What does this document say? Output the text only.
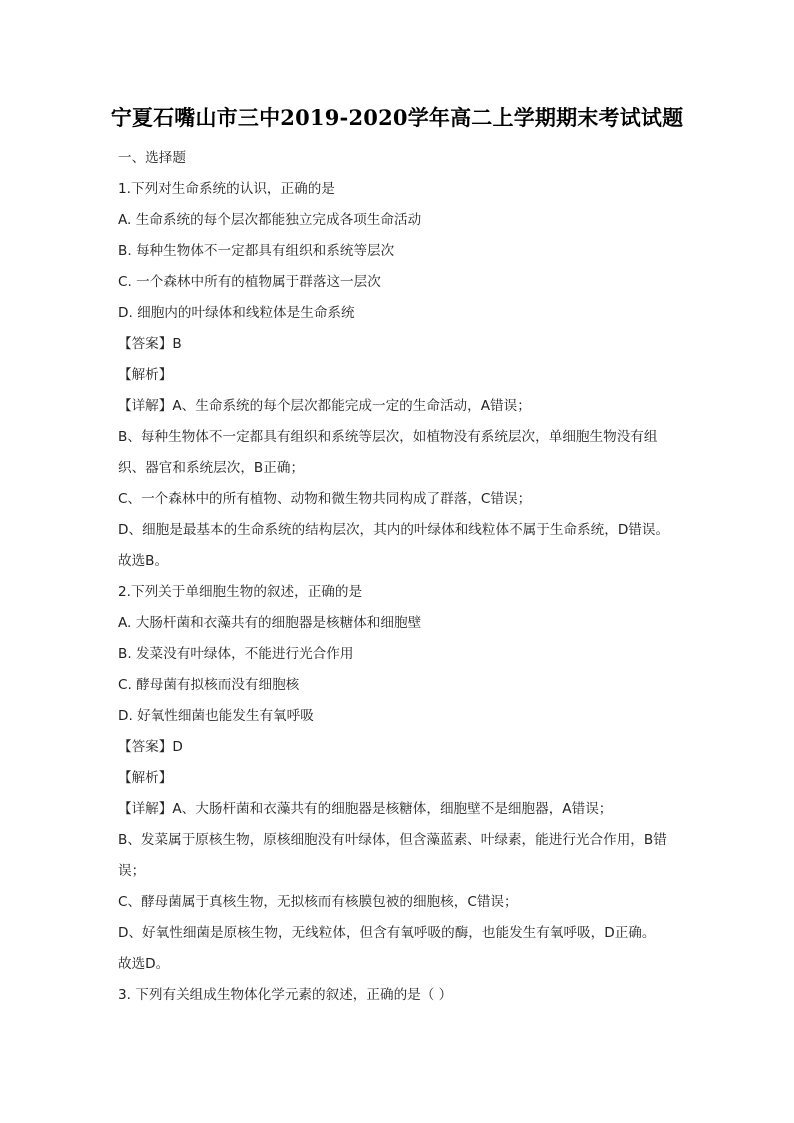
宁夏石嘴山市三中2019-2020学年高二上学期期末考试试题
一、选择题
1.下列对生命系统的认识，正确的是
A. 生命系统的每个层次都能独立完成各项生命活动
B. 每种生物体不一定都具有组织和系统等层次
C. 一个森林中所有的植物属于群落这一层次
D. 细胞内的叶绿体和线粒体是生命系统
【答案】B
【解析】
【详解】A、生命系统的每个层次都能完成一定的生命活动，A错误；
B、每种生物体不一定都具有组织和系统等层次，如植物没有系统层次，单细胞生物没有组织、器官和系统层次，B正确；
C、一个森林中的所有植物、动物和微生物共同构成了群落，C错误；
D、细胞是最基本的生命系统的结构层次，其内的叶绿体和线粒体不属于生命系统，D错误。
故选B。
2.下列关于单细胞生物的叙述，正确的是
A. 大肠杆菌和衣藻共有的细胞器是核糖体和细胞壁
B. 发菜没有叶绿体，不能进行光合作用
C. 酵母菌有拟核而没有细胞核
D. 好氧性细菌也能发生有氧呼吸
【答案】D
【解析】
【详解】A、大肠杆菌和衣藻共有的细胞器是核糖体，细胞壁不是细胞器，A错误；
B、发菜属于原核生物，原核细胞没有叶绿体，但含藻蓝素、叶绿素，能进行光合作用，B错误；
C、酵母菌属于真核生物，无拟核而有核膜包被的细胞核，C错误；
D、好氧性细菌是原核生物，无线粒体，但含有氧呼吸的酶，也能发生有氧呼吸，D正确。
故选D。
3. 下列有关组成生物体化学元素的叙述，正确的是（ ）
